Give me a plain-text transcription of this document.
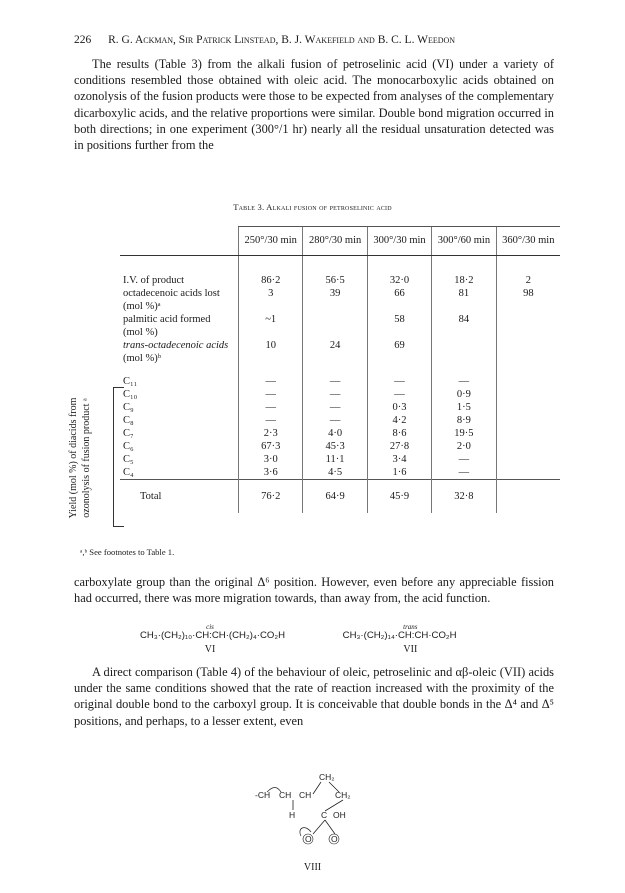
226 R. G. Ackman, Sir Patrick Linstead, B. J. Wakefield and B. C. L. Weedon

The results (Table 3) from the alkali fusion of petroselinic acid (VI) under a variety of conditions resembled those obtained with oleic acid. The monocarboxylic acids obtained on ozonolysis of the fusion products were those to be expected from analyses of the complementary dicarboxylic acids, and the relative proportions were similar. Double bond migration occurred in both directions; in one experiment (300°/1 hr) nearly all the residual unsaturation detected was in positions further from the

Table 3. Alkali fusion of petroselinic acid
	250°/30 min	280°/30 min	300°/30 min	300°/60 min	360°/30 min
I.V. of product	86·2	56·5	32·0	18·2	2
octadecenoic acids lost	3	39	66	81	98
(mol %)ᵃ					
palmitic acid formed	~1		58	84	
(mol %)					
trans-octadecenoic acids	10	24	69		
(mol %)ᵇ					
C₁₁	—	—	—	—	
C₁₀	—	—	—	0·9	
C₉	—	—	0·3	1·5	
C₈	—	—	4·2	8·9	
C₇	2·3	4·0	8·6	19·5	
C₆	67·3	45·3	27·8	2·0	
C₅	3·0	11·1	3·4	—	
C₄	3·6	4·5	1·6	—	
Total	76·2	64·9	45·9	32·8	
Yield (mol %) of diacids from ozonolysis of fusion product ᵃ
ᵃ,ᵇ See footnotes to Table 1.

carboxylate group than the original Δ⁶ position. However, even before any appreciable fission had occurred, there was more migration towards, than away from, the acid function.

cis	trans
CH₃·(CH₂)₁₀·CH:CH·(CH₂)₄·CO₂H	CH₃·(CH₂)₁₄·CH:CH·CO₂H
VI	VII

A direct comparison (Table 4) of the behaviour of oleic, petroselinic and αβ-oleic (VII) acids under the same conditions showed that the rate of reaction increased with the proximity of the original double bond to the carboxyl group. It is conceivable that double bonds in the Δ⁴ and Δ⁵ positions, and perhaps, to a lesser extent, even

CH₂
-CH CH CH	CH₂
H	C OH
O O
VIII
